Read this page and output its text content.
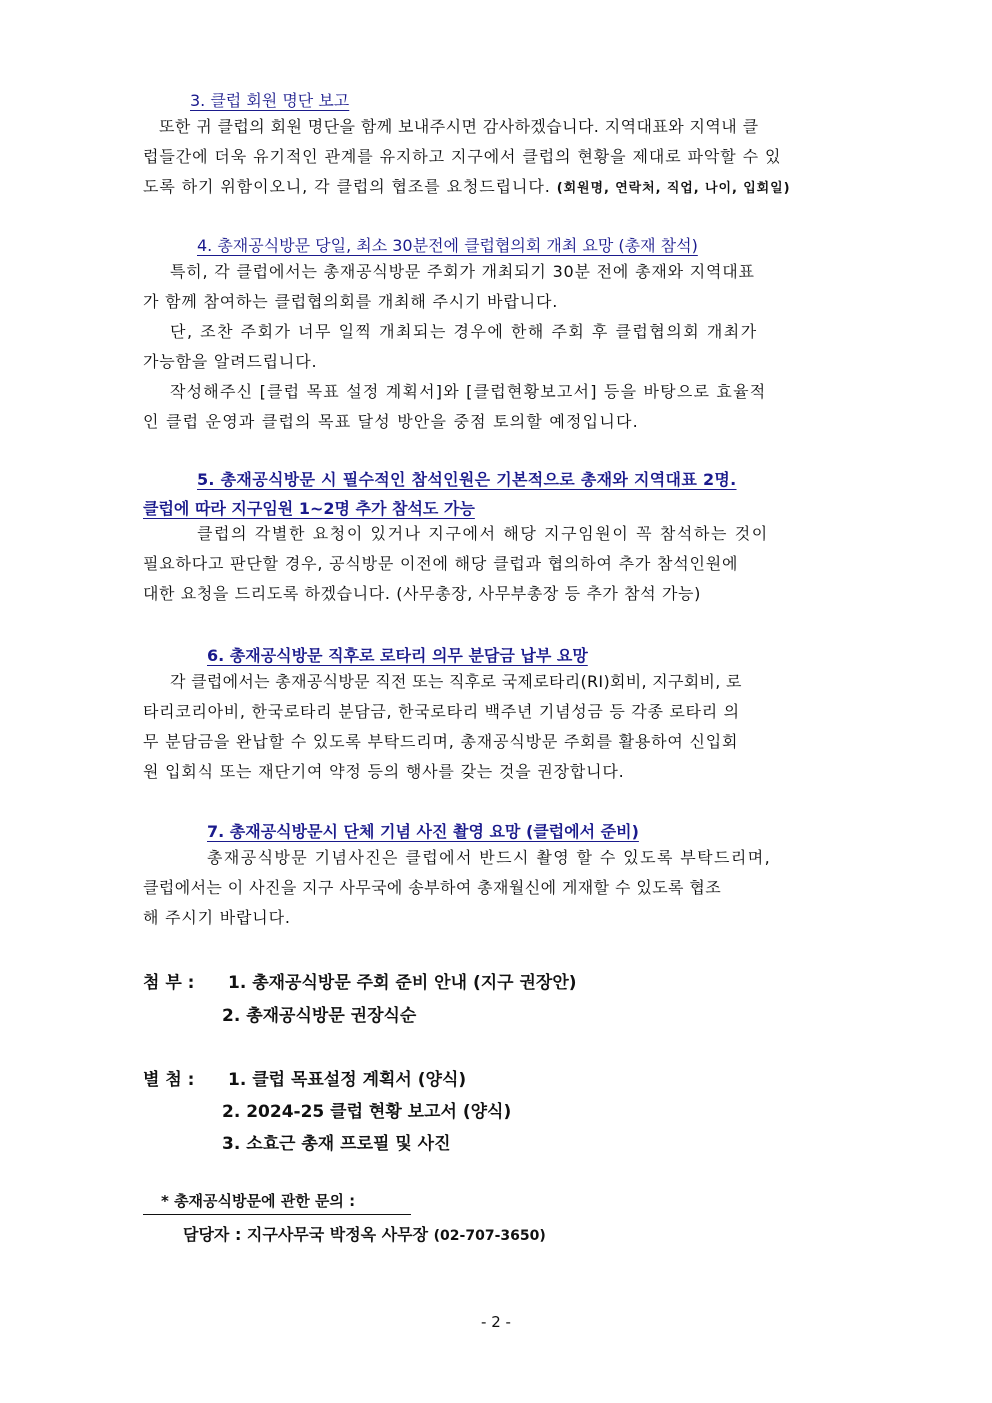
3. 클럽 회원 명단 보고
또한 귀 클럽의 회원 명단을 함께 보내주시면 감사하겠습니다. 지역대표와 지역내 클
럽들간에 더욱 유기적인 관계를 유지하고 지구에서 클럽의 현황을 제대로 파악할 수 있
도록 하기 위함이오니, 각 클럽의 협조를 요청드립니다. (회원명, 연락처, 직업, 나이, 입회일)
4. 총재공식방문 당일, 최소 30분전에 클럽협의회 개최 요망 (총재 참석)
특히, 각 클럽에서는 총재공식방문 주회가 개최되기 30분 전에 총재와 지역대표
가 함께 참여하는 클럽협의회를 개최해 주시기 바랍니다.
단, 조찬 주회가 너무 일찍 개최되는 경우에 한해 주회 후 클럽협의회 개최가
가능함을 알려드립니다.
작성해주신 [클럽 목표 설정 계획서]와 [클럽현황보고서] 등을 바탕으로 효율적
인 클럽 운영과 클럽의 목표 달성 방안을 중점 토의할 예정입니다.
5. 총재공식방문 시 필수적인 참석인원은 기본적으로 총재와 지역대표 2명.
클럽에 따라 지구임원 1~2명 추가 참석도 가능
클럽의 각별한 요청이 있거나 지구에서 해당 지구임원이 꼭 참석하는 것이
필요하다고 판단할 경우, 공식방문 이전에 해당 클럽과 협의하여 추가 참석인원에
대한 요청을 드리도록 하겠습니다. (사무총장, 사무부총장 등 추가 참석 가능)
6. 총재공식방문 직후로 로타리 의무 분담금 납부 요망
각 클럽에서는 총재공식방문 직전 또는 직후로 국제로타리(RI)회비, 지구회비, 로
타리코리아비, 한국로타리 분담금, 한국로타리 백주년 기념성금 등 각종 로타리 의
무 분담금을 완납할 수 있도록 부탁드리며, 총재공식방문 주회를 활용하여 신입회
원 입회식 또는 재단기여 약정 등의 행사를 갖는 것을 권장합니다.
7. 총재공식방문시 단체 기념 사진 촬영 요망 (클럽에서 준비)
총재공식방문 기념사진은 클럽에서 반드시 촬영 할 수 있도록 부탁드리며,
클럽에서는 이 사진을 지구 사무국에 송부하여 총재월신에 게재할 수 있도록 협조
해 주시기 바랍니다.
첨 부 : 1. 총재공식방문 주회 준비 안내 (지구 권장안)
2. 총재공식방문 권장식순
별 첨 : 1. 클럽 목표설정 계획서 (양식)
2. 2024-25 클럽 현황 보고서 (양식)
3. 소효근 총재 프로필 및 사진
* 총재공식방문에 관한 문의 :
담당자 : 지구사무국 박정옥 사무장 (02-707-3650)
- 2 -
